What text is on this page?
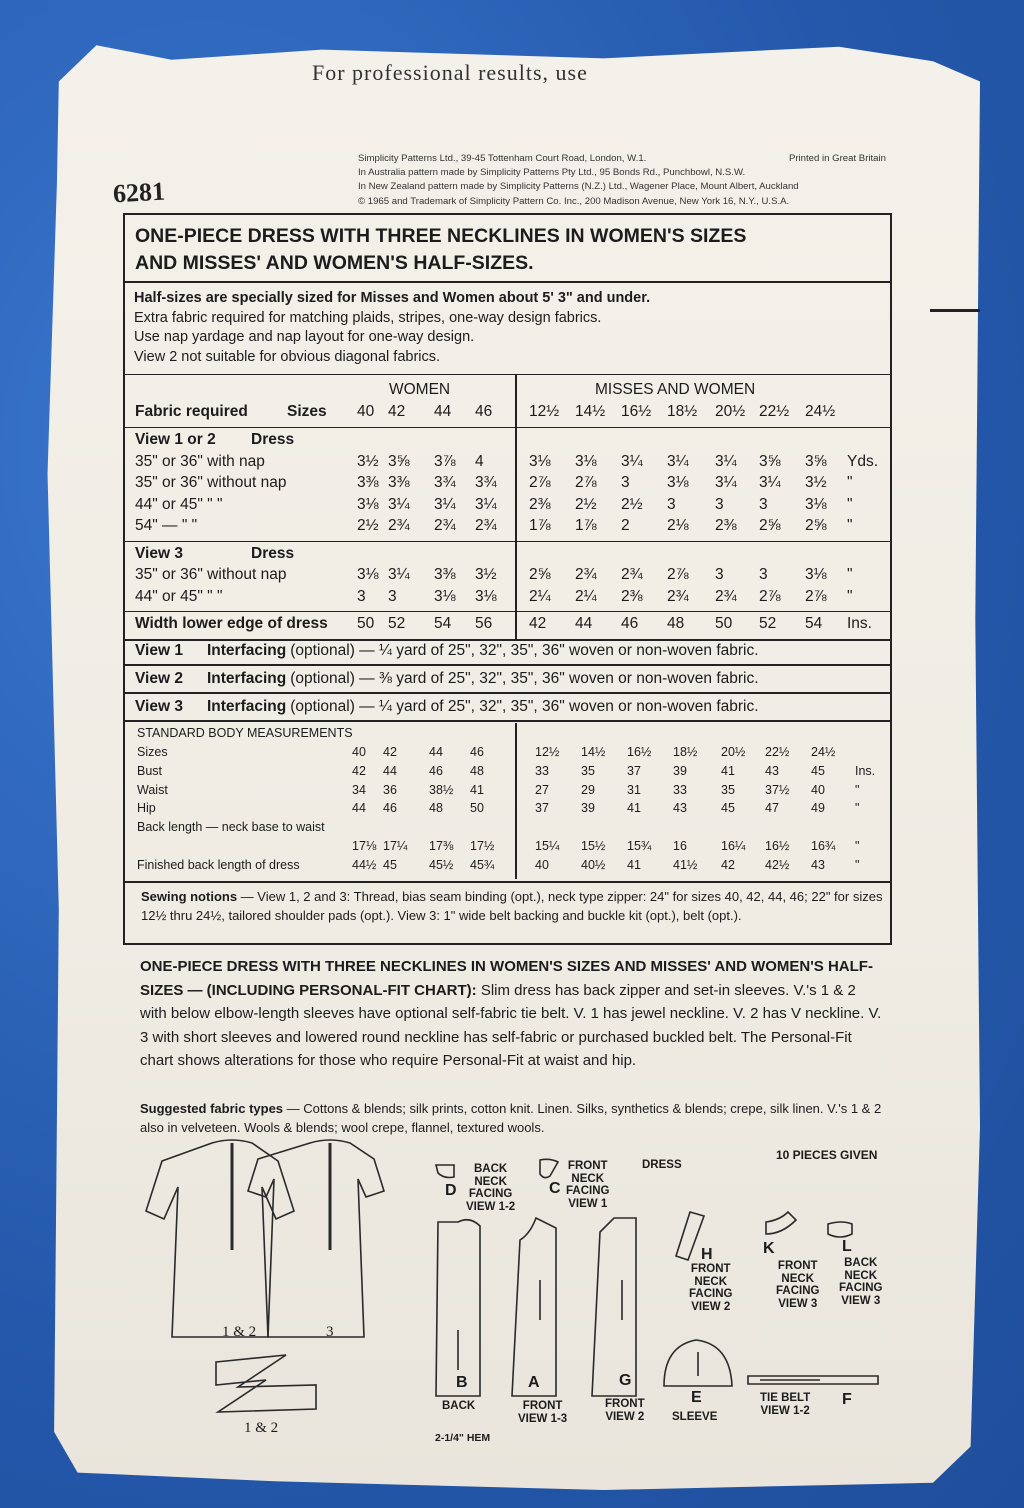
For professional results, use
6281
Simplicity Patterns Ltd., 39-45 Tottenham Court Road, London, W.1.	Printed in Great Britain
In Australia pattern made by Simplicity Patterns Pty Ltd., 95 Bonds Rd., Punchbowl, N.S.W.
In New Zealand pattern made by Simplicity Patterns (N.Z.) Ltd., Wagener Place, Mount Albert, Auckland
© 1965 and Trademark of Simplicity Pattern Co. Inc., 200 Madison Avenue, New York 16, N.Y., U.S.A.
ONE-PIECE DRESS WITH THREE NECKLINES IN WOMEN'S SIZES
AND MISSES' AND WOMEN'S HALF-SIZES.
Half-sizes are specially sized for Misses and Women about 5' 3" and under.
Extra fabric required for matching plaids, stripes, one-way design fabrics.
Use nap yardage and nap layout for one-way design.
View 2 not suitable for obvious diagonal fabrics.
WOMEN	MISSES AND WOMEN
Fabric required	Sizes 40 42 44 46 12½ 14½ 16½ 18½ 20½ 22½ 24½
View 1 or 2 Dress
35" or 36" with nap	3½ 3⅝ 3⅞ 4	3⅛ 3⅛ 3¼ 3¼ 3¼ 3⅝ 3⅝ Yds.
35" or 36" without nap	3⅜ 3⅜ 3¾ 3¾ 2⅞ 2⅞ 3 3⅛ 3¼ 3¼ 3½ "
44" or 45" " "	3⅛ 3¼ 3¼ 3¼ 2⅜ 2½ 2½ 3	3 3 3⅛ "
54" — " "	2½ 2¾ 2¾ 2¾ 1⅞ 1⅞ 2 2⅛ 2⅜ 2⅝ 2⅝ "
View 3	Dress
35" or 36" without nap	3⅛ 3¼ 3⅜ 3½ 2⅝ 2¾ 2¾ 2⅞ 3 3 3⅛ "
44" or 45" " "	3 3 3⅛ 3⅛ 2¼ 2¼ 2⅜ 2¾ 2¾ 2⅞ 2⅞ "
Width lower edge of dress 50 52 54 56 42 44 46 48 50 52 54 Ins.
View 1 Interfacing (optional) — ¼ yard of 25", 32", 35", 36" woven or non-woven fabric.
View 2 Interfacing (optional) — ⅜ yard of 25", 32", 35", 36" woven or non-woven fabric.
View 3 Interfacing (optional) — ¼ yard of 25", 32", 35", 36" woven or non-woven fabric.
STANDARD BODY MEASUREMENTS
Sizes	40 42	44 46	12½ 14½ 16½ 18½ 20½ 22½ 24½
Bust	42 44	46 48	33	35	37	39	41 43	45 Ins.
Waist	34 36	38½ 41	27	29	31	33	35 37½ 40 "
Hip	44 46	48 50	37	39	41	43	45 47	49 "
Back length — neck base to waist
17⅛ 17¼ 17⅜ 17½	15¼ 15½ 15¾ 16	16¼ 16½ 16¾ "
Finished back length of dress	44½ 45	45½ 45¾	40	40½ 41	41½ 42 42½ 43 "
Sewing notions — View 1, 2 and 3: Thread, bias seam binding (opt.), neck type zipper: 24" for sizes 40, 42, 44, 46; 22" for sizes 12½ thru 24½, tailored shoulder pads (opt.). View 3: 1" wide belt backing and buckle kit (opt.), belt (opt.).
ONE-PIECE DRESS WITH THREE NECKLINES IN WOMEN'S SIZES AND MISSES' AND WOMEN'S HALF-SIZES — (INCLUDING PERSONAL-FIT CHART): Slim dress has back zipper and set-in sleeves. V.'s 1 & 2 with below elbow-length sleeves have optional self-fabric tie belt. V. 1 has jewel neckline. V. 2 has V neckline. V. 3 with short sleeves and lowered round neckline has self-fabric or purchased buckled belt. The Personal-Fit chart shows alterations for those who require Personal-Fit at waist and hip.
Suggested fabric types — Cottons & blends; silk prints, cotton knit. Linen. Silks, synthetics & blends; crepe, silk linen. V.'s 1 & 2 also in velveteen. Wools & blends; wool crepe, flannel, textured wools.
10 PIECES GIVEN
DRESS
1 & 2	3
1 & 2
BACK
NECK
FACING
VIEW 1-2
D
FRONT
NECK
FACING
VIEW 1
C
FRONT
NECK
FACING
VIEW 2
H
FRONT
NECK
FACING
VIEW 3
K
BACK
NECK
FACING
VIEW 3
L
BACK
B
FRONT
VIEW 1-3
A
FRONT
VIEW 2
G
SLEEVE
E	TIE BELT
VIEW 1-2
F
2-1/4" HEM
